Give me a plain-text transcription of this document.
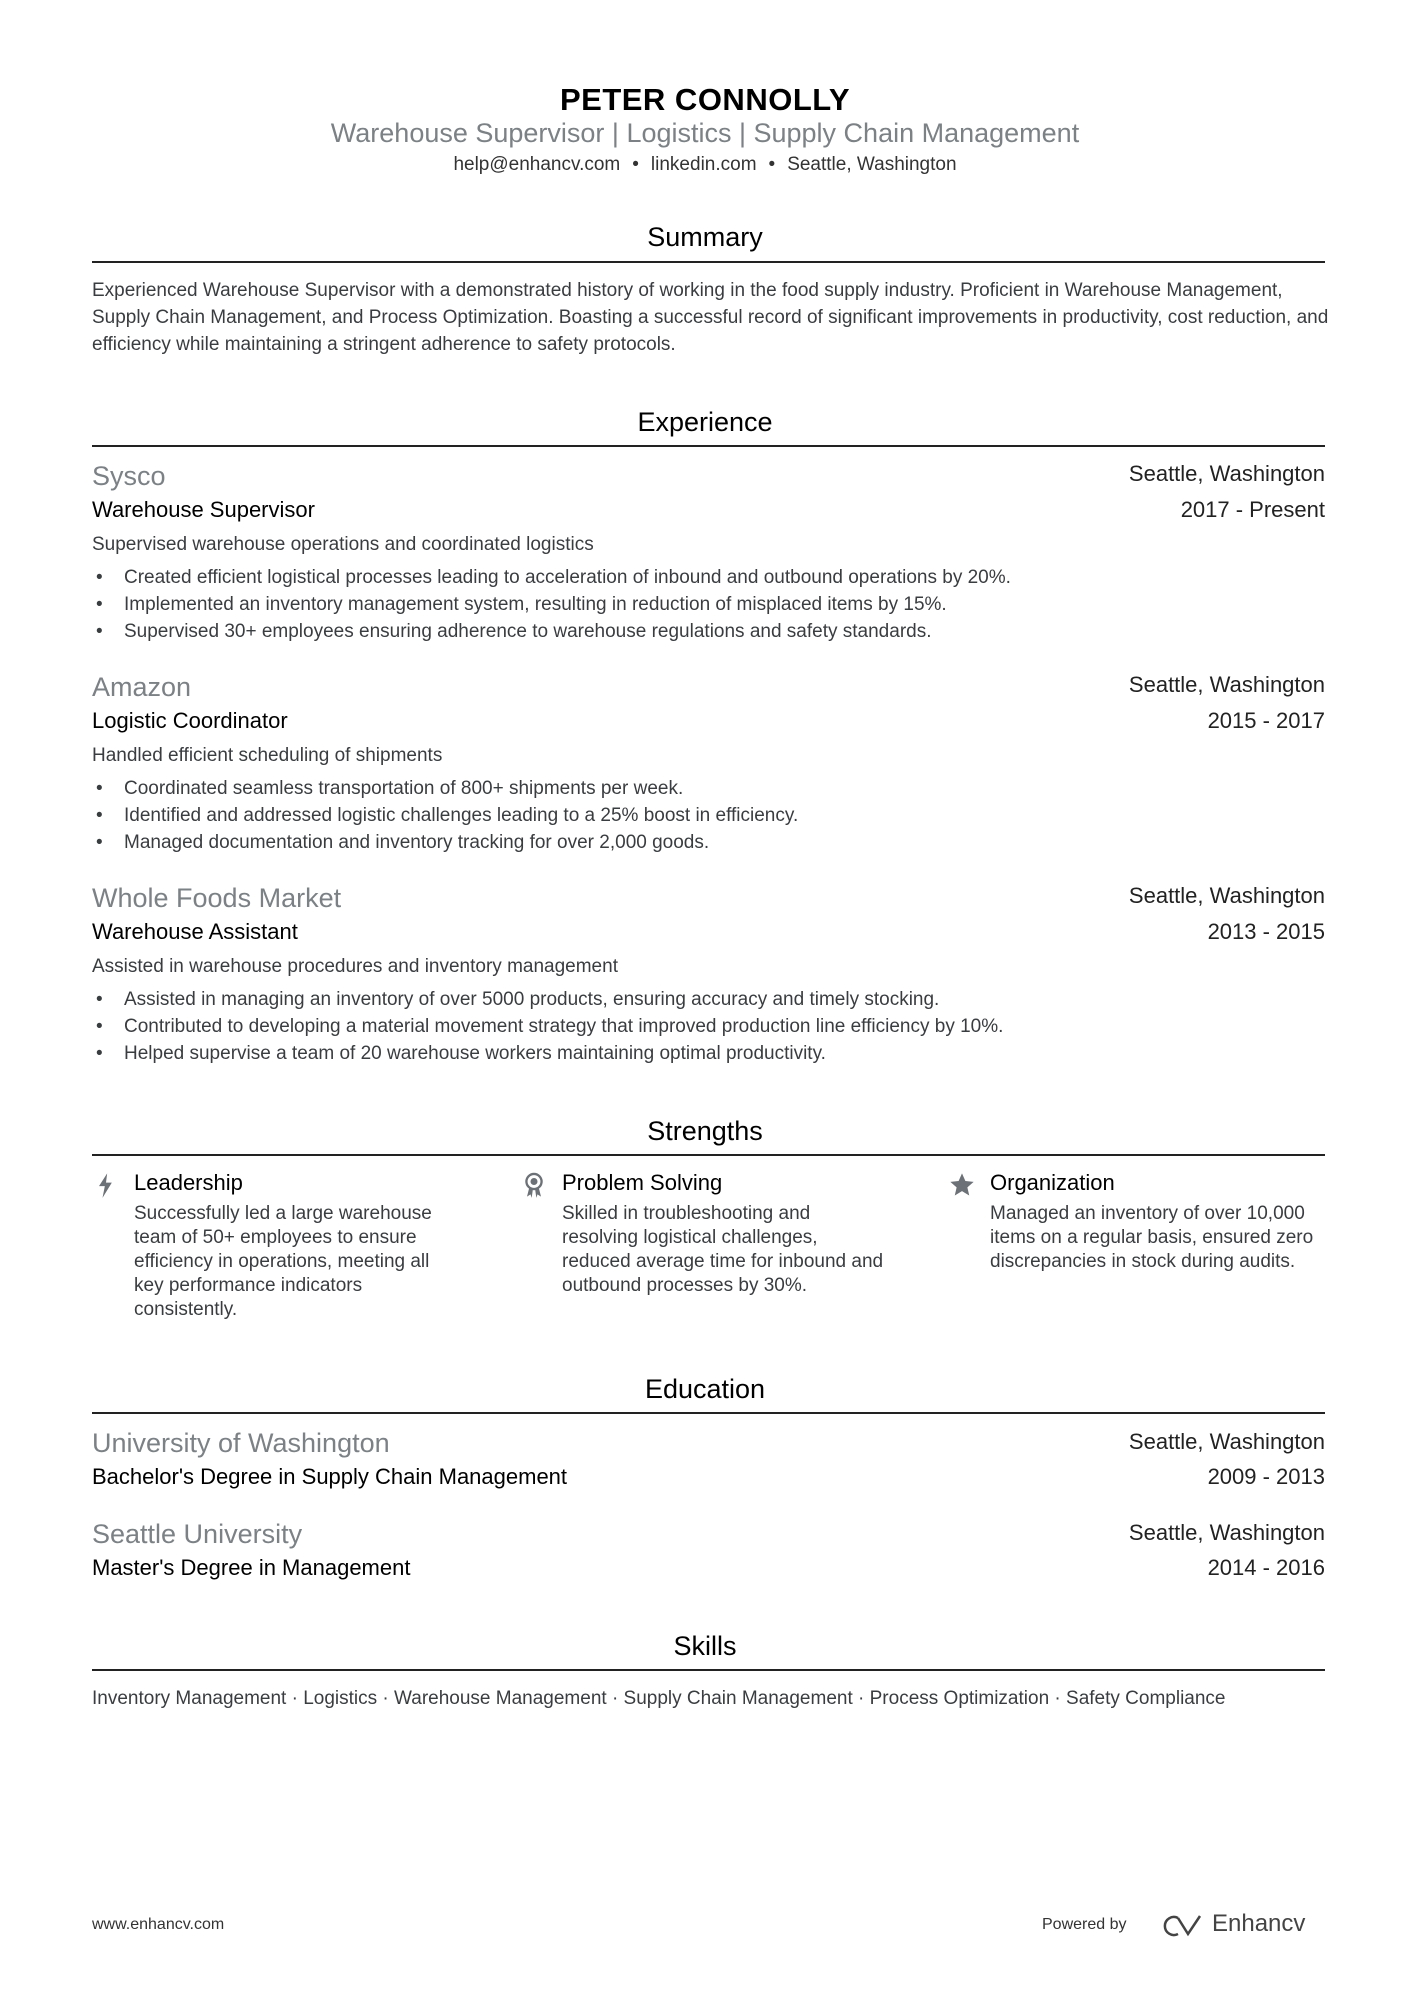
PETER CONNOLLY
Warehouse Supervisor | Logistics | Supply Chain Management
help@enhancv.com • linkedin.com • Seattle, Washington
Summary
Experienced Warehouse Supervisor with a demonstrated history of working in the food supply industry. Proficient in Warehouse Management, Supply Chain Management, and Process Optimization. Boasting a successful record of significant improvements in productivity, cost reduction, and efficiency while maintaining a stringent adherence to safety protocols.
Experience
Sysco	Seattle, Washington
Warehouse Supervisor	2017 - Present
Supervised warehouse operations and coordinated logistics
• Created efficient logistical processes leading to acceleration of inbound and outbound operations by 20%.
• Implemented an inventory management system, resulting in reduction of misplaced items by 15%.
• Supervised 30+ employees ensuring adherence to warehouse regulations and safety standards.
Amazon	Seattle, Washington
Logistic Coordinator	2015 - 2017
Handled efficient scheduling of shipments
• Coordinated seamless transportation of 800+ shipments per week.
• Identified and addressed logistic challenges leading to a 25% boost in efficiency.
• Managed documentation and inventory tracking for over 2,000 goods.
Whole Foods Market	Seattle, Washington
Warehouse Assistant	2013 - 2015
Assisted in warehouse procedures and inventory management
• Assisted in managing an inventory of over 5000 products, ensuring accuracy and timely stocking.
• Contributed to developing a material movement strategy that improved production line efficiency by 10%.
• Helped supervise a team of 20 warehouse workers maintaining optimal productivity.
Strengths
Leadership
Successfully led a large warehouse team of 50+ employees to ensure efficiency in operations, meeting all key performance indicators consistently.
Problem Solving
Skilled in troubleshooting and resolving logistical challenges, reduced average time for inbound and outbound processes by 30%.
Organization
Managed an inventory of over 10,000 items on a regular basis, ensured zero discrepancies in stock during audits.
Education
University of Washington	Seattle, Washington
Bachelor's Degree in Supply Chain Management	2009 - 2013
Seattle University	Seattle, Washington
Master's Degree in Management	2014 - 2016
Skills
Inventory Management · Logistics · Warehouse Management · Supply Chain Management · Process Optimization · Safety Compliance
www.enhancv.com	Powered by	Enhancv
